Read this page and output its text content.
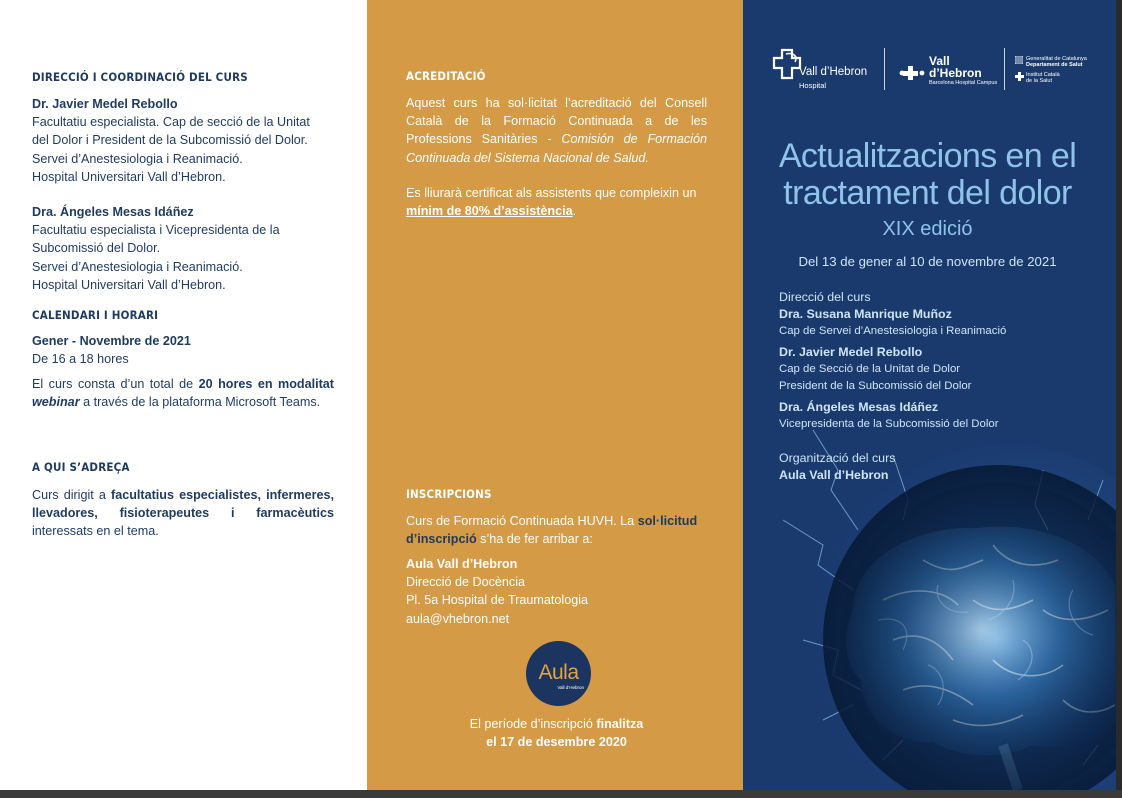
DIRECCIÓ I COORDINACIÓ DEL CURS
Dr. Javier Medel Rebollo
Facultatiu especialista. Cap de secció de la Unitat
del Dolor i President de la Subcomissió del Dolor.
Servei d’Anestesiologia i Reanimació.
Hospital Universitari Vall d’Hebron.
Dra. Ángeles Mesas Idáñez
Facultatiu especialista i Vicepresidenta de la
Subcomissió del Dolor.
Servei d’Anestesiologia i Reanimació.
Hospital Universitari Vall d’Hebron.
CALENDARI I HORARI
Gener - Novembre de 2021
De 16 a 18 hores
El curs consta d’un total de 20 hores en modalitat webinar a través de la plataforma Microsoft Teams.
A QUI S’ADREÇA
Curs dirigit a facultatius especialistes, infermeres, llevadores, fisioterapeutes i farmacèutics interessats en el tema.
ACREDITACIÓ
Aquest curs ha sol·licitat l’acreditació del Consell Català de la Formació Continuada a de les Professions Sanitàries - Comisión de Formación Continuada del Sistema Nacional de Salud.
Es lliurarà certificat als assistents que compleixin un mínim de 80% d’assistència.
INSCRIPCIONS
Curs de Formació Continuada HUVH. La sol·licitud d’inscripció s’ha de fer arribar a:
Aula Vall d’Hebron
Direcció de Docència
Pl. 5a Hospital de Traumatologia
aula@vhebron.net
Aula
Vall d’Hebron
El període d’inscripció finalitza
el 17 de desembre 2020
Vall d’Hebron
Hospital
Vall
d’Hebron
Barcelona Hospital Campus
Generalitat de Catalunya
Departament de Salut
Institut Català
de la Salut
Actualitzacions en el
tractament del dolor
XIX edició
Del 13 de gener al 10 de novembre de 2021
Direcció del curs
Dra. Susana Manrique Muñoz
Cap de Servei d’Anestesiologia i Reanimació
Dr. Javier Medel Rebollo
Cap de Secció de la Unitat de Dolor
President de la Subcomissió del Dolor
Dra. Ángeles Mesas Idáñez
Vicepresidenta de la Subcomissió del Dolor
Organització del curs
Aula Vall d’Hebron
